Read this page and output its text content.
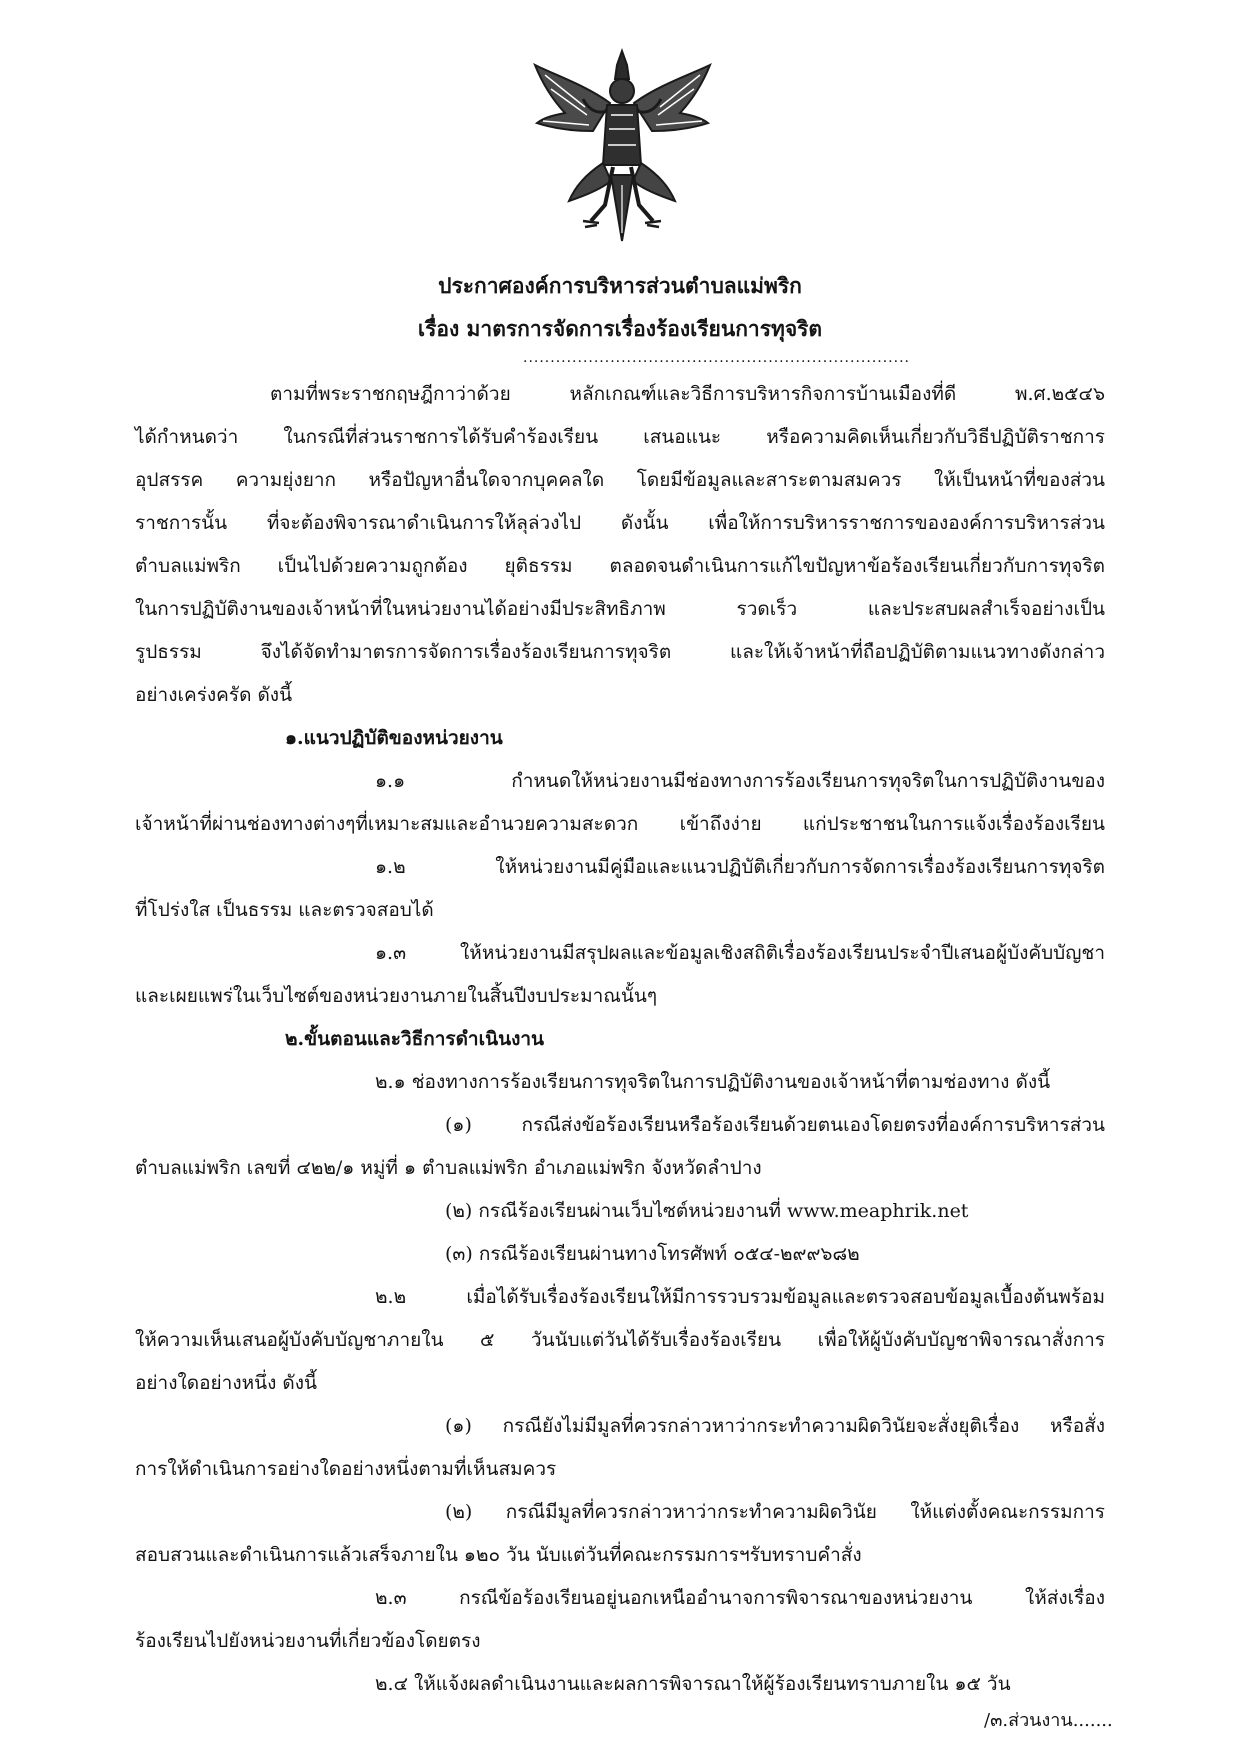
ประกาศองค์การบริหารส่วนตำบลแม่พริก
เรื่อง มาตรการจัดการเรื่องร้องเรียนการทุจริต
.......................................................................
ตามที่พระราชกฤษฎีกาว่าด้วย หลักเกณฑ์และวิธีการบริหารกิจการบ้านเมืองที่ดี พ.ศ.๒๕๔๖
ได้กำหนดว่า ในกรณีที่ส่วนราชการได้รับคำร้องเรียน เสนอแนะ หรือความคิดเห็นเกี่ยวกับวิธีปฏิบัติราชการ
อุปสรรค ความยุ่งยาก หรือปัญหาอื่นใดจากบุคคลใด โดยมีข้อมูลและสาระตามสมควร ให้เป็นหน้าที่ของส่วน
ราชการนั้น ที่จะต้องพิจารณาดำเนินการให้ลุล่วงไป ดังนั้น เพื่อให้การบริหารราชการขององค์การบริหารส่วน
ตำบลแม่พริก เป็นไปด้วยความถูกต้อง ยุติธรรม ตลอดจนดำเนินการแก้ไขปัญหาข้อร้องเรียนเกี่ยวกับการทุจริต
ในการปฏิบัติงานของเจ้าหน้าที่ในหน่วยงานได้อย่างมีประสิทธิภาพ รวดเร็ว และประสบผลสำเร็จอย่างเป็น
รูปธรรม จึงได้จัดทำมาตรการจัดการเรื่องร้องเรียนการทุจริต และให้เจ้าหน้าที่ถือปฏิบัติตามแนวทางดังกล่าว
อย่างเคร่งครัด ดังนี้
๑.แนวปฏิบัติของหน่วยงาน
๑.๑ กำหนดให้หน่วยงานมีช่องทางการร้องเรียนการทุจริตในการปฏิบัติงานของ
เจ้าหน้าที่ผ่านช่องทางต่างๆที่เหมาะสมและอำนวยความสะดวก เข้าถึงง่าย แก่ประชาชนในการแจ้งเรื่องร้องเรียน
๑.๒ ให้หน่วยงานมีคู่มือและแนวปฏิบัติเกี่ยวกับการจัดการเรื่องร้องเรียนการทุจริต
ที่โปร่งใส เป็นธรรม และตรวจสอบได้
๑.๓ ให้หน่วยงานมีสรุปผลและข้อมูลเชิงสถิติเรื่องร้องเรียนประจำปีเสนอผู้บังคับบัญชา
และเผยแพร่ในเว็บไซต์ของหน่วยงานภายในสิ้นปีงบประมาณนั้นๆ
๒.ขั้นตอนและวิธีการดำเนินงาน
๒.๑ ช่องทางการร้องเรียนการทุจริตในการปฏิบัติงานของเจ้าหน้าที่ตามช่องทาง ดังนี้
(๑) กรณีส่งข้อร้องเรียนหรือร้องเรียนด้วยตนเองโดยตรงที่องค์การบริหารส่วน
ตำบลแม่พริก เลขที่ ๔๒๒/๑ หมู่ที่ ๑ ตำบลแม่พริก อำเภอแม่พริก จังหวัดลำปาง
(๒) กรณีร้องเรียนผ่านเว็บไซต์หน่วยงานที่ www.meaphrik.net
(๓) กรณีร้องเรียนผ่านทางโทรศัพท์ ๐๕๔-๒๙๙๖๘๒
๒.๒ เมื่อได้รับเรื่องร้องเรียนให้มีการรวบรวมข้อมูลและตรวจสอบข้อมูลเบื้องต้นพร้อม
ให้ความเห็นเสนอผู้บังคับบัญชาภายใน ๕ วันนับแต่วันได้รับเรื่องร้องเรียน เพื่อให้ผู้บังคับบัญชาพิจารณาสั่งการ
อย่างใดอย่างหนึ่ง ดังนี้
(๑) กรณียังไม่มีมูลที่ควรกล่าวหาว่ากระทำความผิดวินัยจะสั่งยุติเรื่อง หรือสั่ง
การให้ดำเนินการอย่างใดอย่างหนึ่งตามที่เห็นสมควร
(๒) กรณีมีมูลที่ควรกล่าวหาว่ากระทำความผิดวินัย ให้แต่งตั้งคณะกรรมการ
สอบสวนและดำเนินการแล้วเสร็จภายใน ๑๒๐ วัน นับแต่วันที่คณะกรรมการฯรับทราบคำสั่ง
๒.๓ กรณีข้อร้องเรียนอยู่นอกเหนืออำนาจการพิจารณาของหน่วยงาน ให้ส่งเรื่อง
ร้องเรียนไปยังหน่วยงานที่เกี่ยวข้องโดยตรง
๒.๔ ให้แจ้งผลดำเนินงานและผลการพิจารณาให้ผู้ร้องเรียนทราบภายใน ๑๕ วัน
/๓.ส่วนงาน.......
